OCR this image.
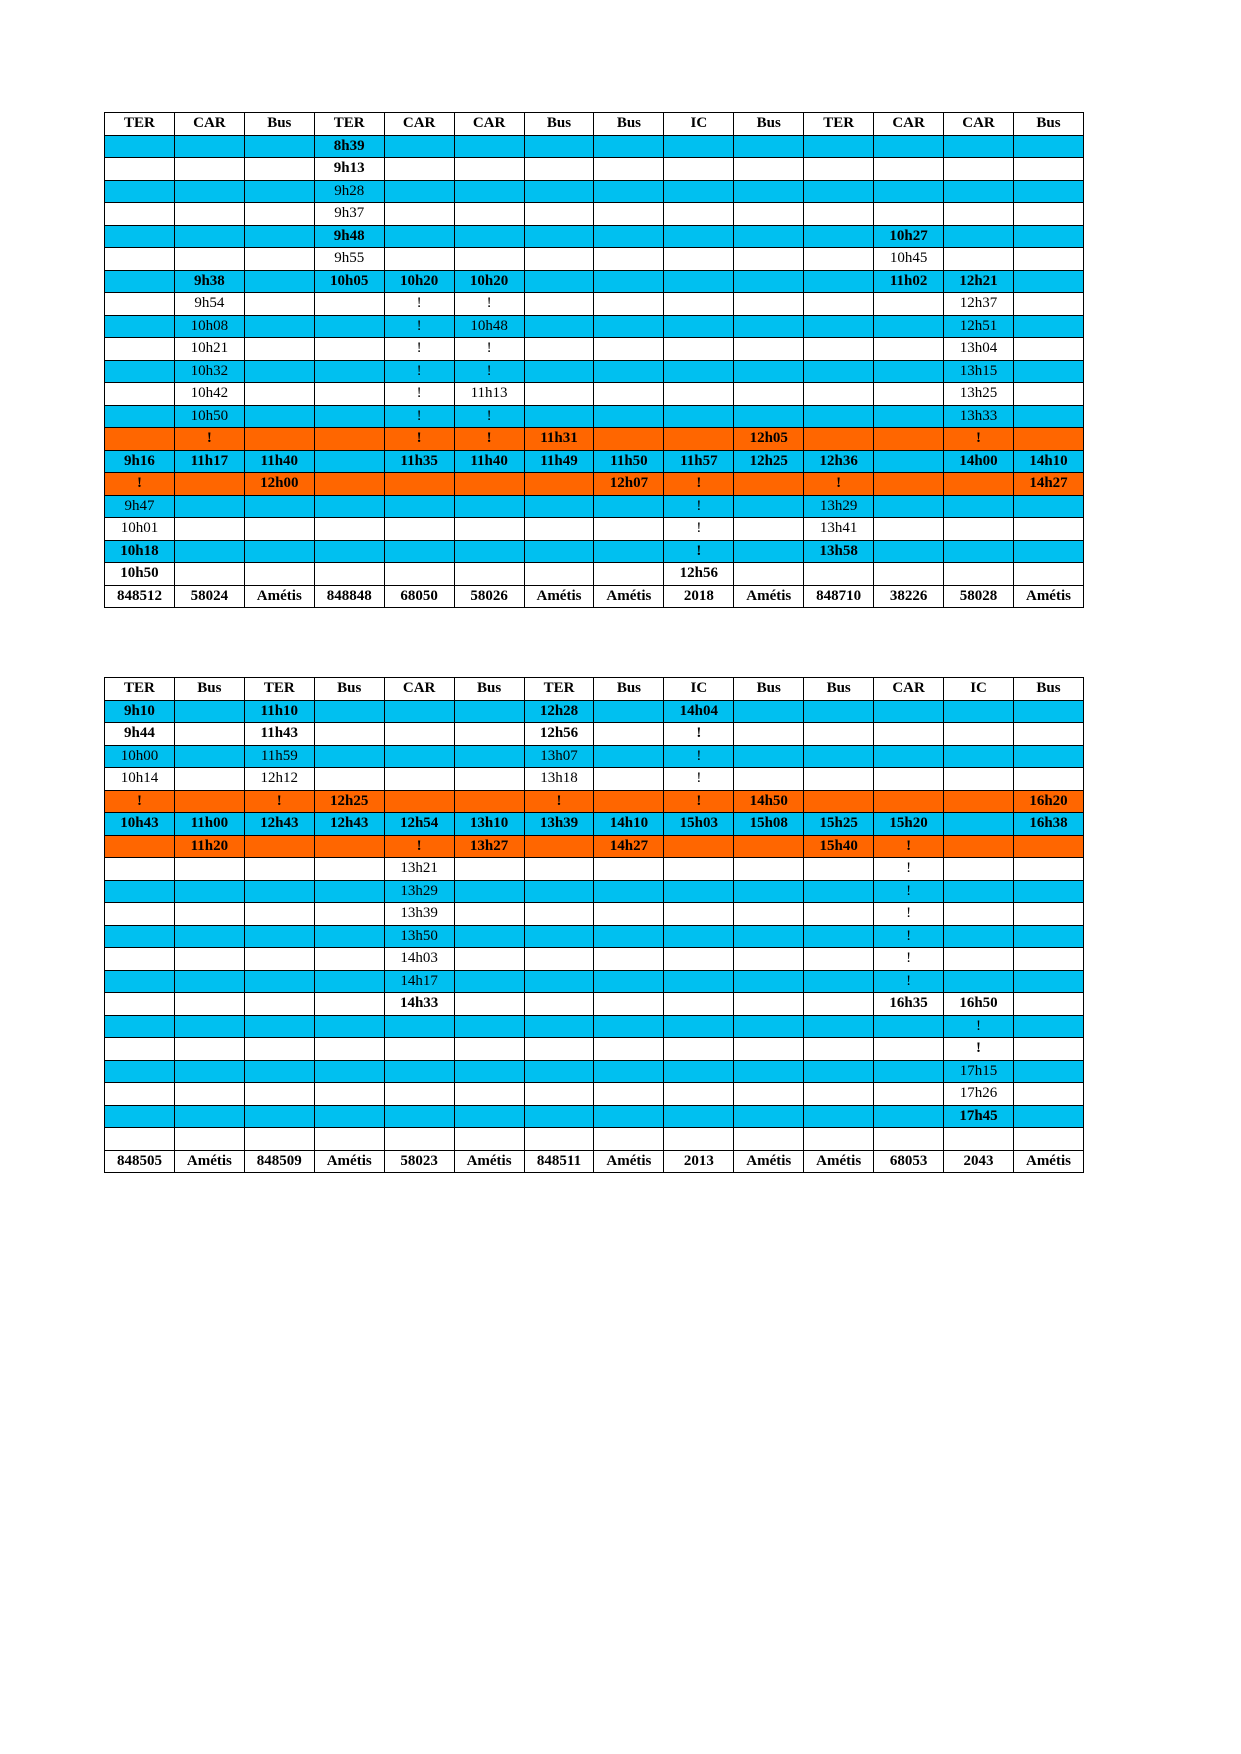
TER	CAR	Bus	TER	CAR	CAR	Bus	Bus	IC	Bus	TER	CAR	CAR	Bus
			8h39										
			9h13										
			9h28										
			9h37										
			9h48								10h27		
			9h55								10h45		
	9h38		10h05	10h20	10h20						11h02	12h21	
	9h54			!	!							12h37	
	10h08			!	10h48							12h51	
	10h21			!	!							13h04	
	10h32			!	!							13h15	
	10h42			!	11h13							13h25	
	10h50			!	!							13h33	
	!			!	!	11h31			12h05			!	
9h16	11h17	11h40		11h35	11h40	11h49	11h50	11h57	12h25	12h36		14h00	14h10
!		12h00					12h07	!		!			14h27
9h47								!		13h29			
10h01								!		13h41			
10h18								!		13h58			
10h50								12h56					
848512	58024	Amétis	848848	68050	58026	Amétis	Amétis	2018	Amétis	848710	38226	58028	Amétis
TER	Bus	TER	Bus	CAR	Bus	TER	Bus	IC	Bus	Bus	CAR	IC	Bus
9h10		11h10				12h28		14h04					
9h44		11h43				12h56		!					
10h00		11h59				13h07		!					
10h14		12h12				13h18		!					
!		!	12h25			!		!	14h50				16h20
10h43	11h00	12h43	12h43	12h54	13h10	13h39	14h10	15h03	15h08	15h25	15h20		16h38
	11h20			!	13h27		14h27			15h40	!		
				13h21							!		
				13h29							!		
				13h39							!		
				13h50							!		
				14h03							!		
				14h17							!		
				14h33							16h35	16h50	
												!	
												!	
												17h15	
												17h26	
												17h45	

848505	Amétis	848509	Amétis	58023	Amétis	848511	Amétis	2013	Amétis	Amétis	68053	2043	Amétis
